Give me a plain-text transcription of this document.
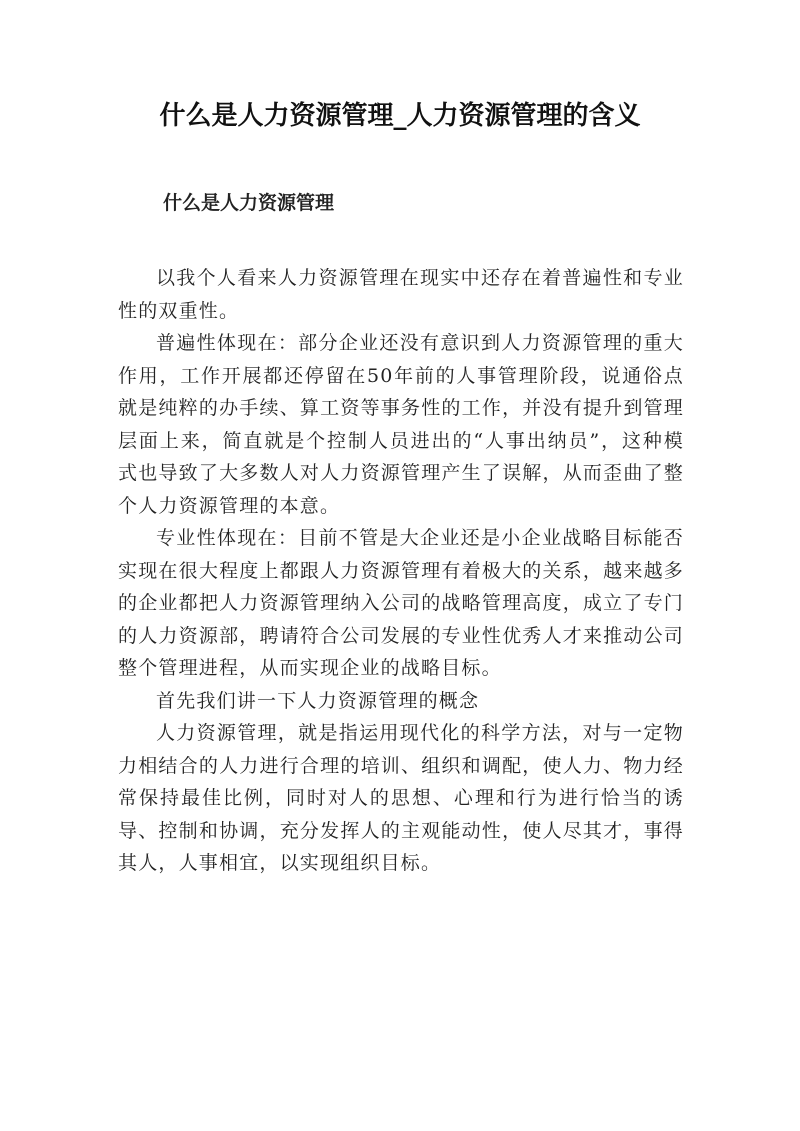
什么是人力资源管理_人力资源管理的含义
什么是人力资源管理

以我个人看来人力资源管理在现实中还存在着普遍性和专业性的双重性。

普遍性体现在：部分企业还没有意识到人力资源管理的重大作用，工作开展都还停留在50年前的人事管理阶段，说通俗点就是纯粹的办手续、算工资等事务性的工作，并没有提升到管理层面上来，简直就是个控制人员进出的“人事出纳员”，这种模式也导致了大多数人对人力资源管理产生了误解，从而歪曲了整个人力资源管理的本意。

专业性体现在：目前不管是大企业还是小企业战略目标能否实现在很大程度上都跟人力资源管理有着极大的关系，越来越多的企业都把人力资源管理纳入公司的战略管理高度，成立了专门的人力资源部，聘请符合公司发展的专业性优秀人才来推动公司整个管理进程，从而实现企业的战略目标。

首先我们讲一下人力资源管理的概念

人力资源管理，就是指运用现代化的科学方法，对与一定物力相结合的人力进行合理的培训、组织和调配，使人力、物力经常保持最佳比例，同时对人的思想、心理和行为进行恰当的诱导、控制和协调，充分发挥人的主观能动性，使人尽其才，事得其人，人事相宜，以实现组织目标。
